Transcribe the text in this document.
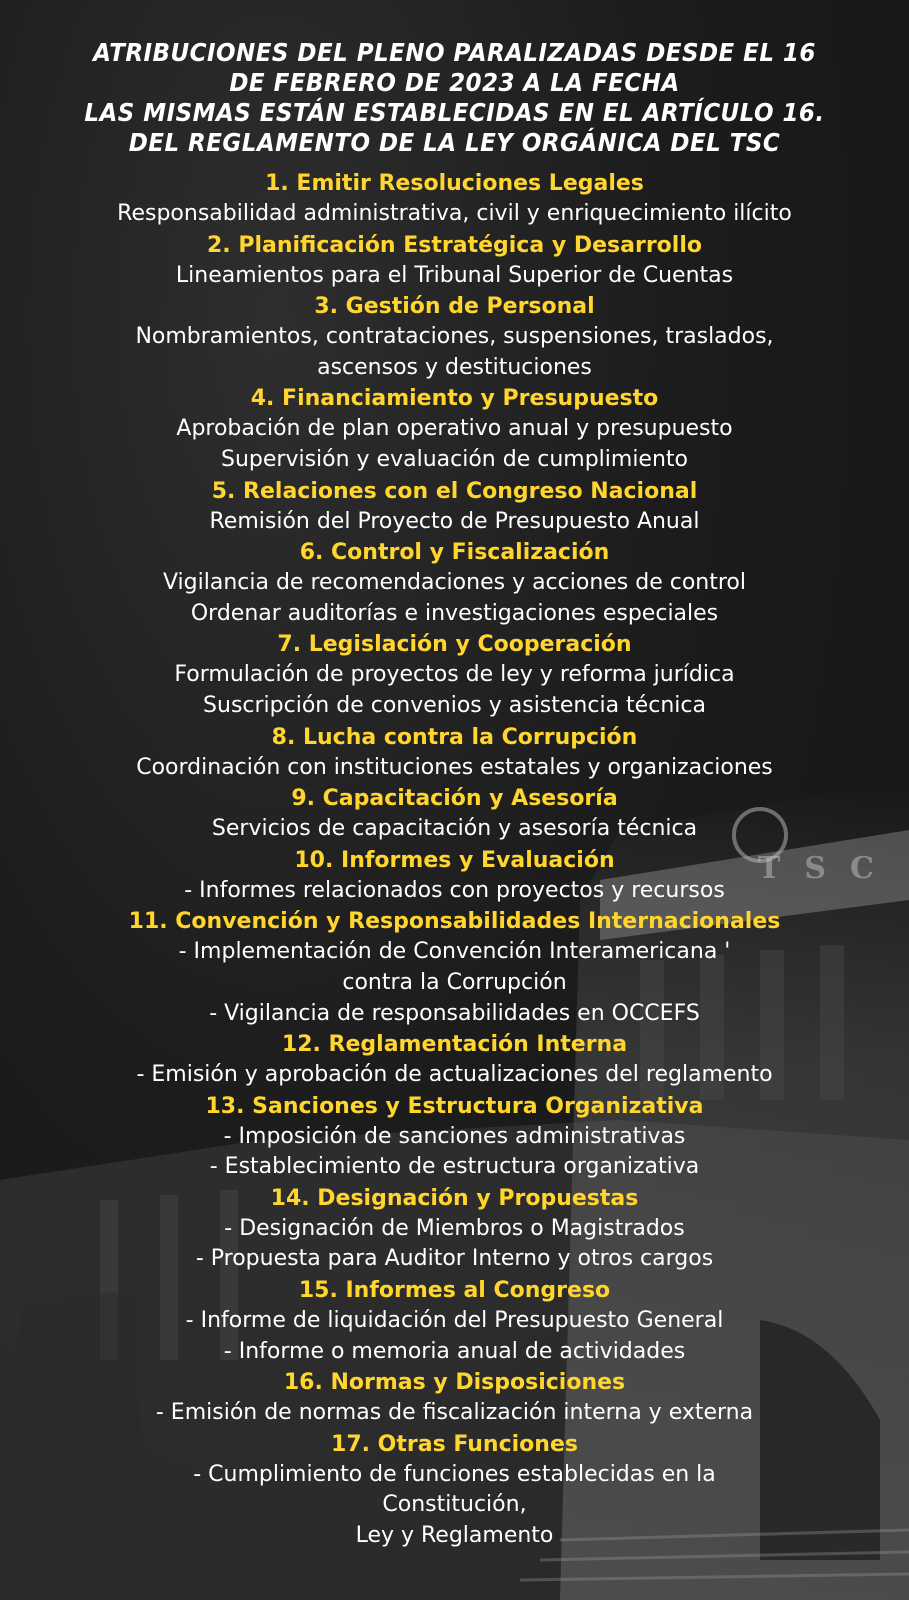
TSC
ATRIBUCIONES DEL PLENO PARALIZADAS DESDE EL 16
DE FEBRERO DE 2023 A LA FECHA
LAS MISMAS ESTÁN ESTABLECIDAS EN EL ARTÍCULO 16.
DEL REGLAMENTO DE LA LEY ORGÁNICA DEL TSC
1. Emitir Resoluciones Legales
Responsabilidad administrativa, civil y enriquecimiento ilícito
2. Planificación Estratégica y Desarrollo
Lineamientos para el Tribunal Superior de Cuentas
3. Gestión de Personal
Nombramientos, contrataciones, suspensiones, traslados,
ascensos y destituciones
4. Financiamiento y Presupuesto
Aprobación de plan operativo anual y presupuesto
Supervisión y evaluación de cumplimiento
5. Relaciones con el Congreso Nacional
Remisión del Proyecto de Presupuesto Anual
6. Control y Fiscalización
Vigilancia de recomendaciones y acciones de control
Ordenar auditorías e investigaciones especiales
7. Legislación y Cooperación
Formulación de proyectos de ley y reforma jurídica
Suscripción de convenios y asistencia técnica
8. Lucha contra la Corrupción
Coordinación con instituciones estatales y organizaciones
9. Capacitación y Asesoría
Servicios de capacitación y asesoría técnica
10. Informes y Evaluación
- Informes relacionados con proyectos y recursos
11. Convención y Responsabilidades Internacionales
- Implementación de Convención Interamericana '
contra la Corrupción
- Vigilancia de responsabilidades en OCCEFS
12. Reglamentación Interna
- Emisión y aprobación de actualizaciones del reglamento
13. Sanciones y Estructura Organizativa
- Imposición de sanciones administrativas
- Establecimiento de estructura organizativa
14. Designación y Propuestas
- Designación de Miembros o Magistrados
- Propuesta para Auditor Interno y otros cargos
15. Informes al Congreso
- Informe de liquidación del Presupuesto General
- Informe o memoria anual de actividades
16. Normas y Disposiciones
- Emisión de normas de fiscalización interna y externa
17. Otras Funciones
- Cumplimiento de funciones establecidas en la
Constitución,
Ley y Reglamento
